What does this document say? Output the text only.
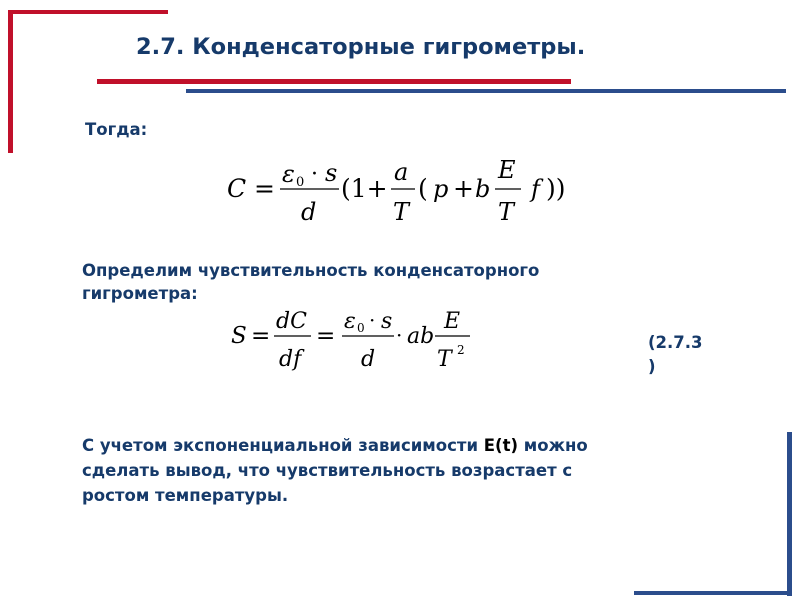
2.7. Конденсаторные гигрометры.
Тогда:
C = ε 0 · s
d
(1+
a
T
( p + b
E
T
f ))
Определим чувствительность конденсаторного
гигрометра:
S =
dC
df
=
ε 0 · s
d
· ab
E
T 2	(2.7.3
)
С учетом экспоненциальной зависимости E(t) можно
сделать вывод, что чувствительность возрастает с
ростом температуры.
